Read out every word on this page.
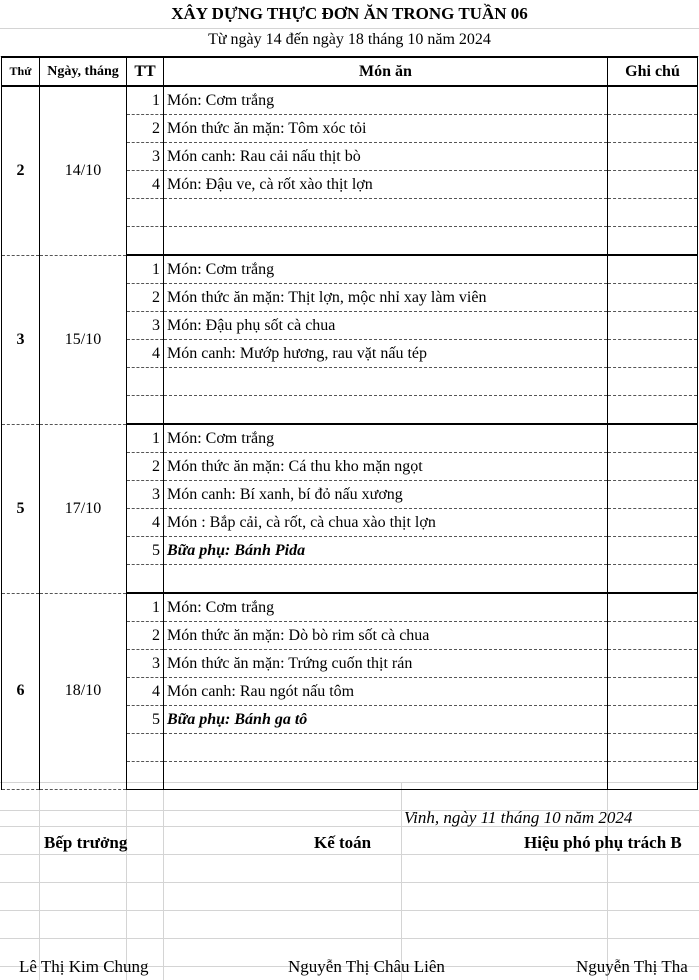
XÂY DỰNG THỰC ĐƠN ĂN TRONG TUẦN 06
Từ ngày 14 đến ngày 18 tháng 10 năm 2024
Thứ	Ngày, tháng	TT	Món ăn	Ghi chú
2	14/10	1	Món: Cơm trắng	
		2	Món thức ăn mặn: Tôm xóc tỏi	
		3	Món canh: Rau cải nấu thịt bò	
		4	Món: Đậu ve, cà rốt xào thịt lợn	

3	15/10	1	Món: Cơm trắng	
		2	Món thức ăn mặn: Thịt lợn, mộc nhỉ xay làm viên	
		3	Món: Đậu phụ sốt cà chua	
		4	Món canh: Mướp hương, rau vặt nấu tép	

5	17/10	1	Món: Cơm trắng	
		2	Món thức ăn mặn: Cá thu kho mặn ngọt	
		3	Món canh: Bí xanh, bí đỏ nấu xương	
		4	Món : Bắp cải, cà rốt, cà chua xào thịt lợn	
		5	Bữa phụ: Bánh Pida	

6	18/10	1	Món: Cơm trắng	
		2	Món thức ăn mặn: Dò bò rim sốt cà chua	
		3	Món thức ăn mặn: Trứng cuốn thịt rán	
		4	Món canh: Rau ngót nấu tôm	
		5	Bữa phụ: Bánh ga tô	

Vinh, ngày 11 tháng 10 năm 2024
Bếp trưởng	Kế toán	Hiệu phó phụ trách B
Lê Thị Kim Chung	Nguyễn Thị Châu Liên	Nguyễn Thị Tha
